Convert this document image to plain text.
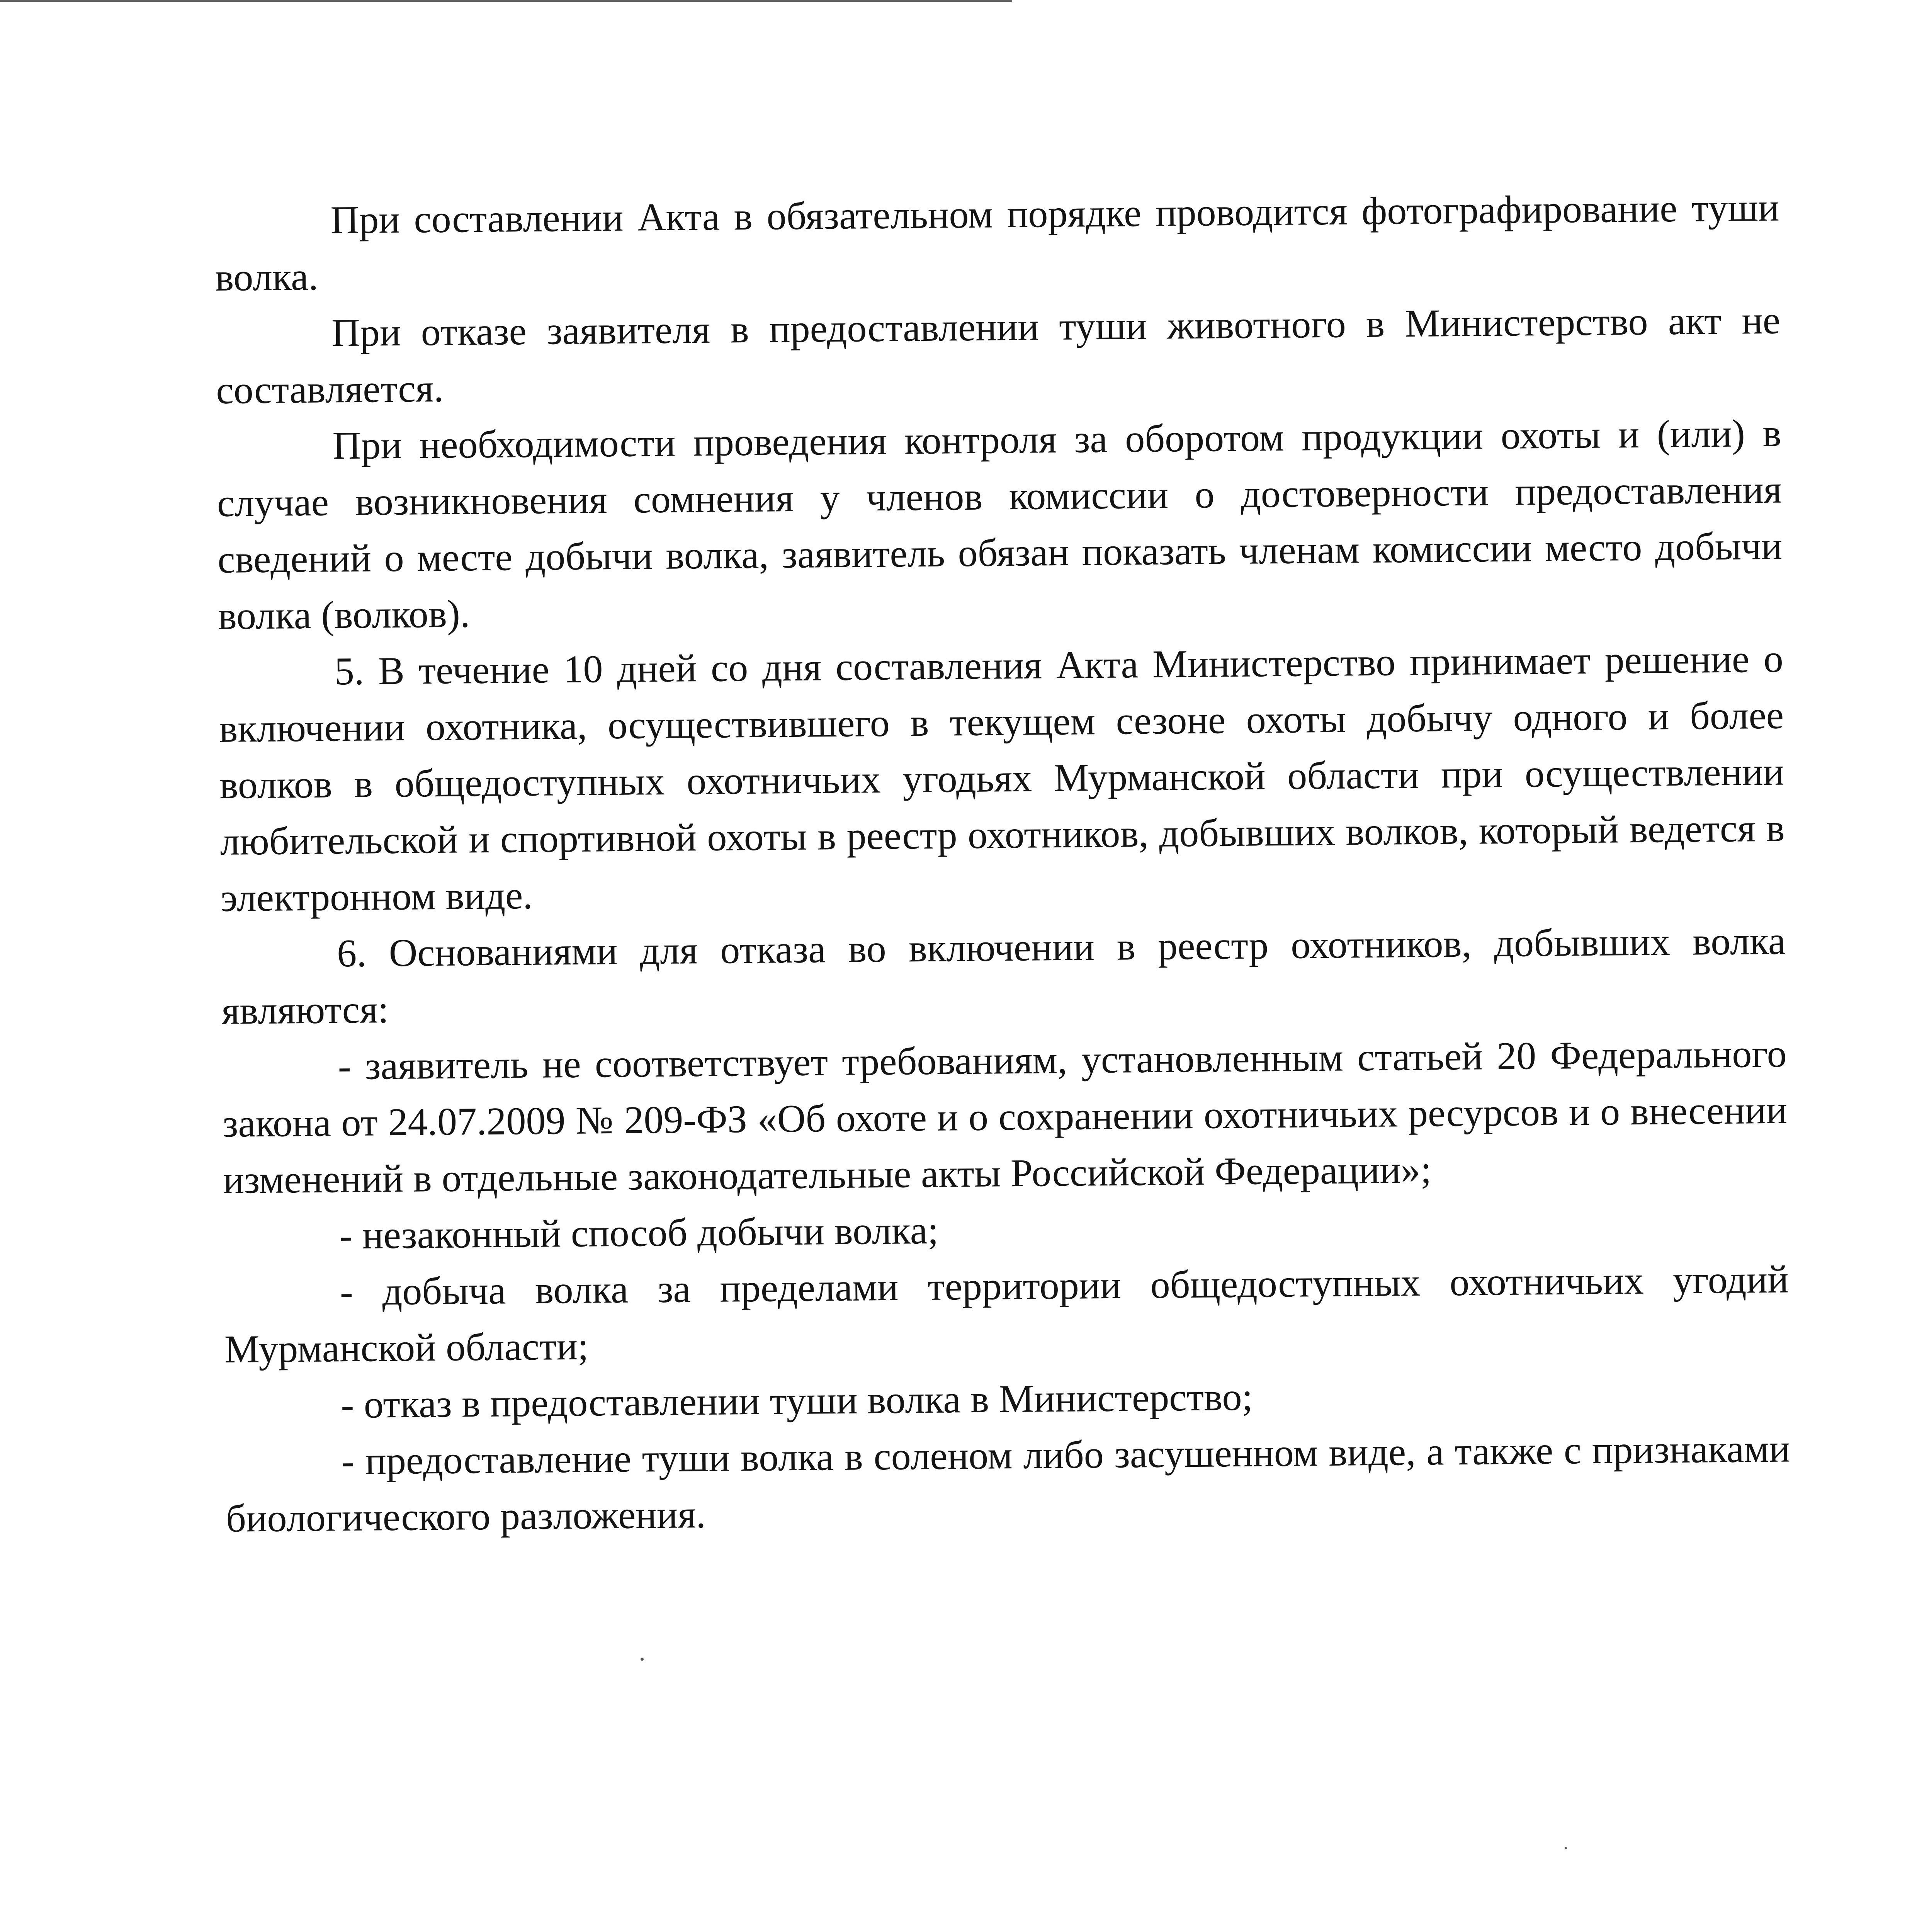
При составлении Акта в обязательном порядке проводится фотографирование туши волка.

При отказе заявителя в предоставлении туши животного в Министерство акт не составляется.

При необходимости проведения контроля за оборотом продукции охоты и (или) в случае возникновения сомнения у членов комиссии о достоверности предоставления сведений о месте добычи волка, заявитель обязан показать членам комиссии место добычи волка (волков).

5. В течение 10 дней со дня составления Акта Министерство принимает решение о включении охотника, осуществившего в текущем сезоне охоты добычу одного и более волков в общедоступных охотничьих угодьях Мурманской области при осуществлении любительской и спортивной охоты в реестр охотников, добывших волков, который ведется в электронном виде.

6. Основаниями для отказа во включении в реестр охотников, добывших волка являются:

- заявитель не соответствует требованиям, установленным статьей 20 Федерального закона от 24.07.2009 № 209-ФЗ «Об охоте и о сохранении охотничьих ресурсов и о внесении изменений в отдельные законодательные акты Российской Федерации»;

- незаконный способ добычи волка;

- добыча волка за пределами территории общедоступных охотничьих угодий Мурманской области;

- отказ в предоставлении туши волка в Министерство;

- предоставление туши волка в соленом либо засушенном виде, а также с признаками биологического разложения.
